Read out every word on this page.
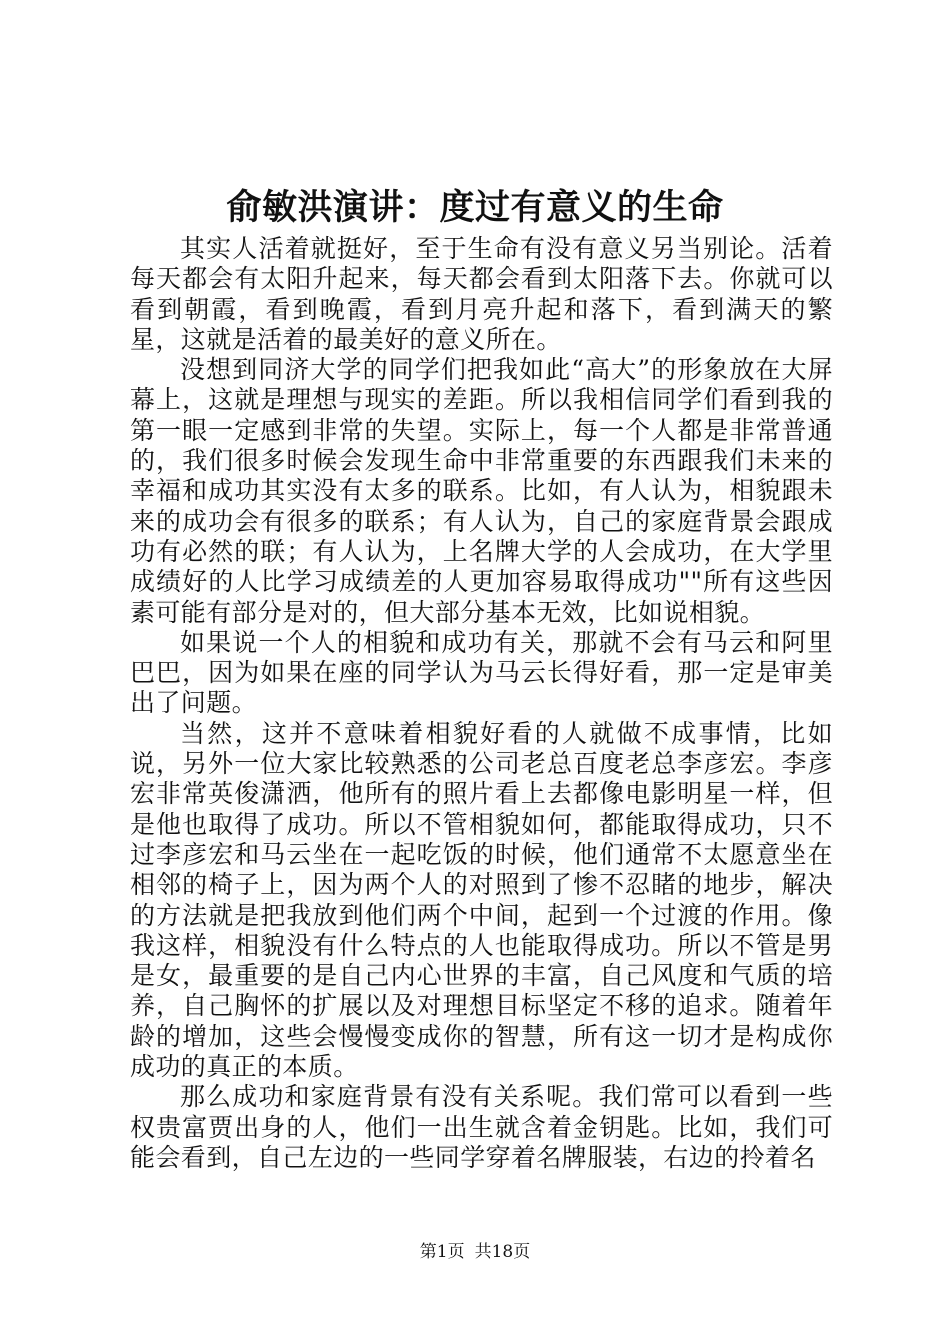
俞敏洪演讲：度过有意义的生命

其实人活着就挺好，至于生命有没有意义另当别论。活着每天都会有太阳升起来，每天都会看到太阳落下去。你就可以看到朝霞，看到晚霞，看到月亮升起和落下，看到满天的繁星，这就是活着的最美好的意义所在。

没想到同济大学的同学们把我如此“高大”的形象放在大屏幕上，这就是理想与现实的差距。所以我相信同学们看到我的第一眼一定感到非常的失望。实际上，每一个人都是非常普通的，我们很多时候会发现生命中非常重要的东西跟我们未来的幸福和成功其实没有太多的联系。比如，有人认为，相貌跟未来的成功会有很多的联系；有人认为，自己的家庭背景会跟成功有必然的联；有人认为，上名牌大学的人会成功，在大学里成绩好的人比学习成绩差的人更加容易取得成功""所有这些因素可能有部分是对的，但大部分基本无效，比如说相貌。

如果说一个人的相貌和成功有关，那就不会有马云和阿里巴巴，因为如果在座的同学认为马云长得好看，那一定是审美出了问题。

当然，这并不意味着相貌好看的人就做不成事情，比如说，另外一位大家比较熟悉的公司老总百度老总李彦宏。李彦宏非常英俊潇洒，他所有的照片看上去都像电影明星一样，但是他也取得了成功。所以不管相貌如何，都能取得成功，只不过李彦宏和马云坐在一起吃饭的时候，他们通常不太愿意坐在相邻的椅子上，因为两个人的对照到了惨不忍睹的地步，解决的方法就是把我放到他们两个中间，起到一个过渡的作用。像我这样，相貌没有什么特点的人也能取得成功。所以不管是男是女，最重要的是自己内心世界的丰富，自己风度和气质的培养，自己胸怀的扩展以及对理想目标坚定不移的追求。随着年龄的增加，这些会慢慢变成你的智慧，所有这一切才是构成你成功的真正的本质。

那么成功和家庭背景有没有关系呢。我们常可以看到一些权贵富贾出身的人，他们一出生就含着金钥匙。比如，我们可能会看到，自己左边的一些同学穿着名牌服装，右边的拎着名

第1页 共18页
